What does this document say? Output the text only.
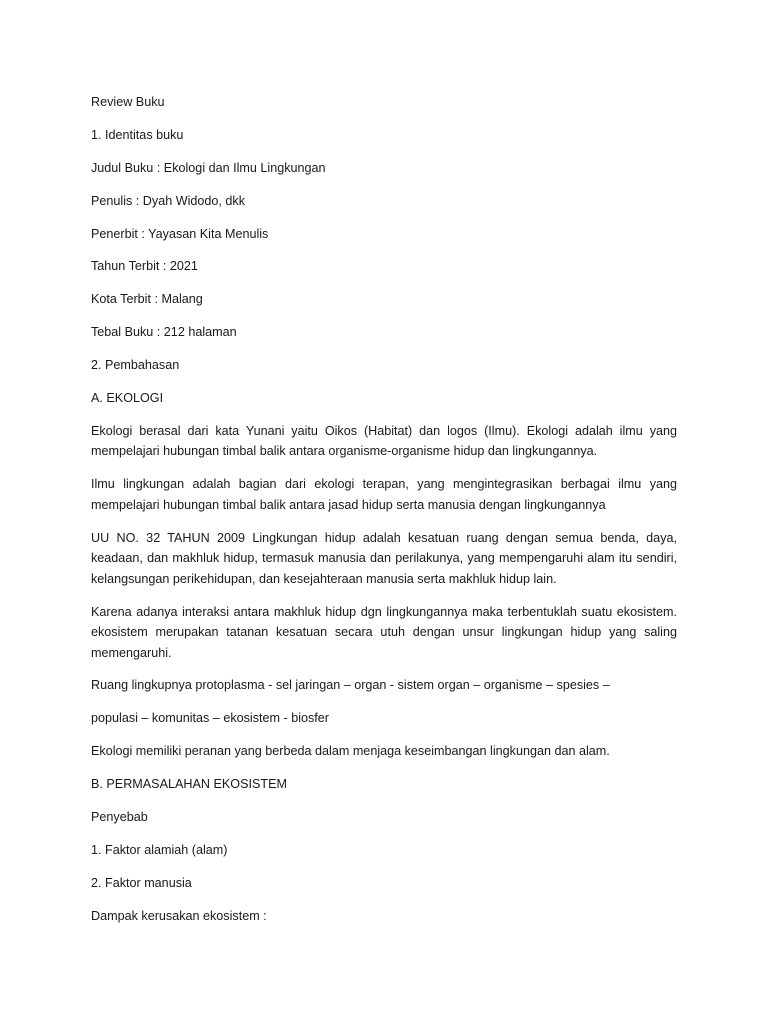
Review Buku

1. Identitas buku

Judul Buku : Ekologi dan Ilmu Lingkungan

Penulis : Dyah Widodo, dkk

Penerbit : Yayasan Kita Menulis

Tahun Terbit : 2021

Kota Terbit : Malang

Tebal Buku : 212 halaman

2. Pembahasan

A. EKOLOGI

Ekologi berasal dari kata Yunani yaitu Oikos (Habitat) dan logos (Ilmu). Ekologi adalah ilmu yang mempelajari hubungan timbal balik antara organisme-organisme hidup dan lingkungannya.

Ilmu lingkungan adalah bagian dari ekologi terapan, yang mengintegrasikan berbagai ilmu yang mempelajari hubungan timbal balik antara jasad hidup serta manusia dengan lingkungannya

UU NO. 32 TAHUN 2009 Lingkungan hidup adalah kesatuan ruang dengan semua benda, daya, keadaan, dan makhluk hidup, termasuk manusia dan perilakunya, yang mempengaruhi alam itu sendiri, kelangsungan perikehidupan, dan kesejahteraan manusia serta makhluk hidup lain.

Karena adanya interaksi antara makhluk hidup dgn lingkungannya maka terbentuklah suatu ekosistem. ekosistem merupakan tatanan kesatuan secara utuh dengan unsur lingkungan hidup yang saling memengaruhi.

Ruang lingkupnya protoplasma - sel jaringan – organ - sistem organ – organisme – spesies –

populasi – komunitas – ekosistem - biosfer

Ekologi memiliki peranan yang berbeda dalam menjaga keseimbangan lingkungan dan alam.

B. PERMASALAHAN EKOSISTEM

Penyebab

1. Faktor alamiah (alam)

2. Faktor manusia

Dampak kerusakan ekosistem :
